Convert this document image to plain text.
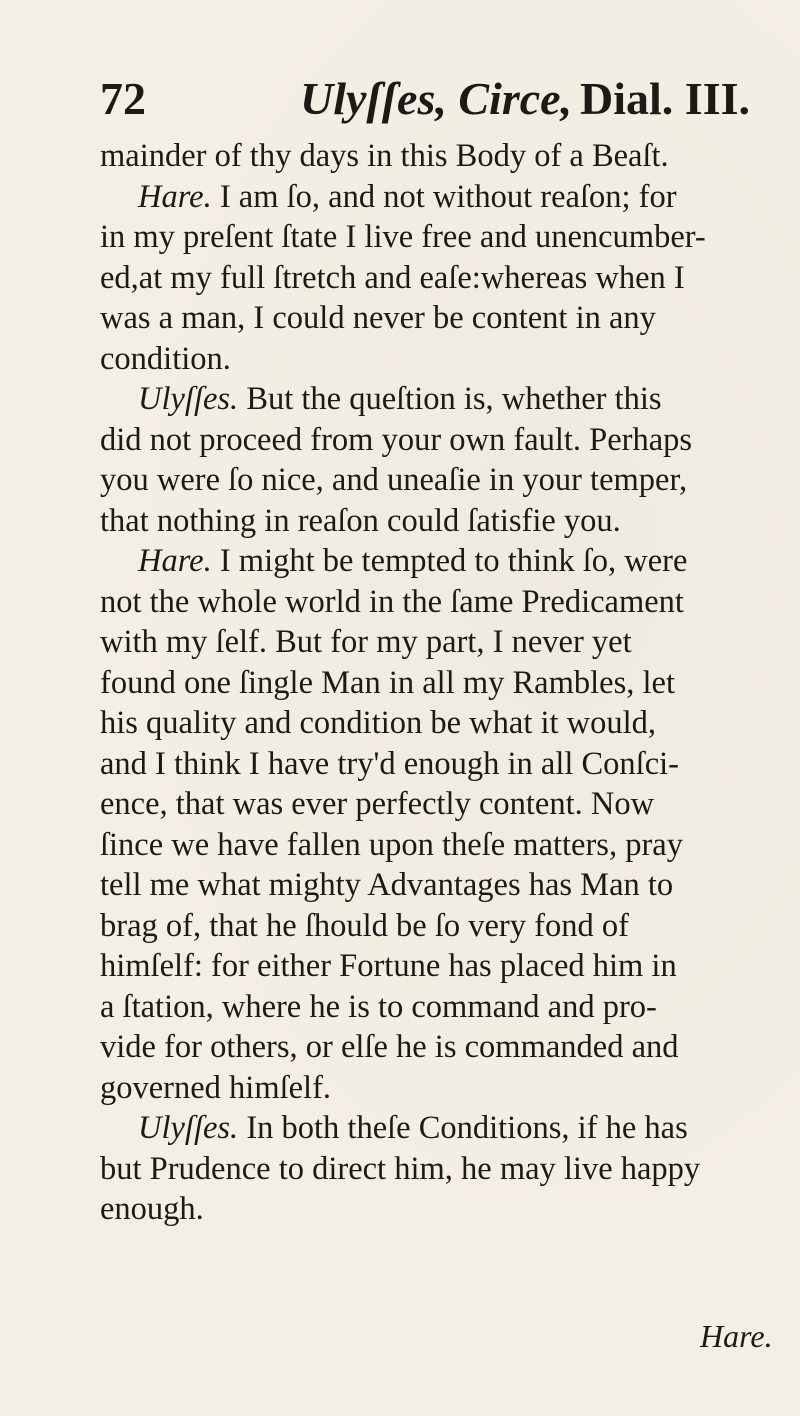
72	Ulyſſes, Circe, Dial. III.
mainder of thy days in this Body of a Beaſt.
Hare. I am ſo, and not without reaſon; for
in my preſent ſtate I live free and unencumber-
ed,at my full ſtretch and eaſe:whereas when I
was a man, I could never be content in any
condition.
Ulyſſes. But the queſtion is, whether this
did not proceed from your own fault. Perhaps
you were ſo nice, and uneaſie in your temper,
that nothing in reaſon could ſatisfie you.
Hare. I might be tempted to think ſo, were
not the whole world in the ſame Predicament
with my ſelf. But for my part, I never yet
found one ſingle Man in all my Rambles, let
his quality and condition be what it would,
and I think I have try'd enough in all Conſci-
ence, that was ever perfectly content. Now
ſince we have fallen upon theſe matters, pray
tell me what mighty Advantages has Man to
brag of, that he ſhould be ſo very fond of
himſelf: for either Fortune has placed him in
a ſtation, where he is to command and pro-
vide for others, or elſe he is commanded and
governed himſelf.
Ulyſſes. In both theſe Conditions, if he has
but Prudence to direct him, he may live happy
enough.
Hare.
